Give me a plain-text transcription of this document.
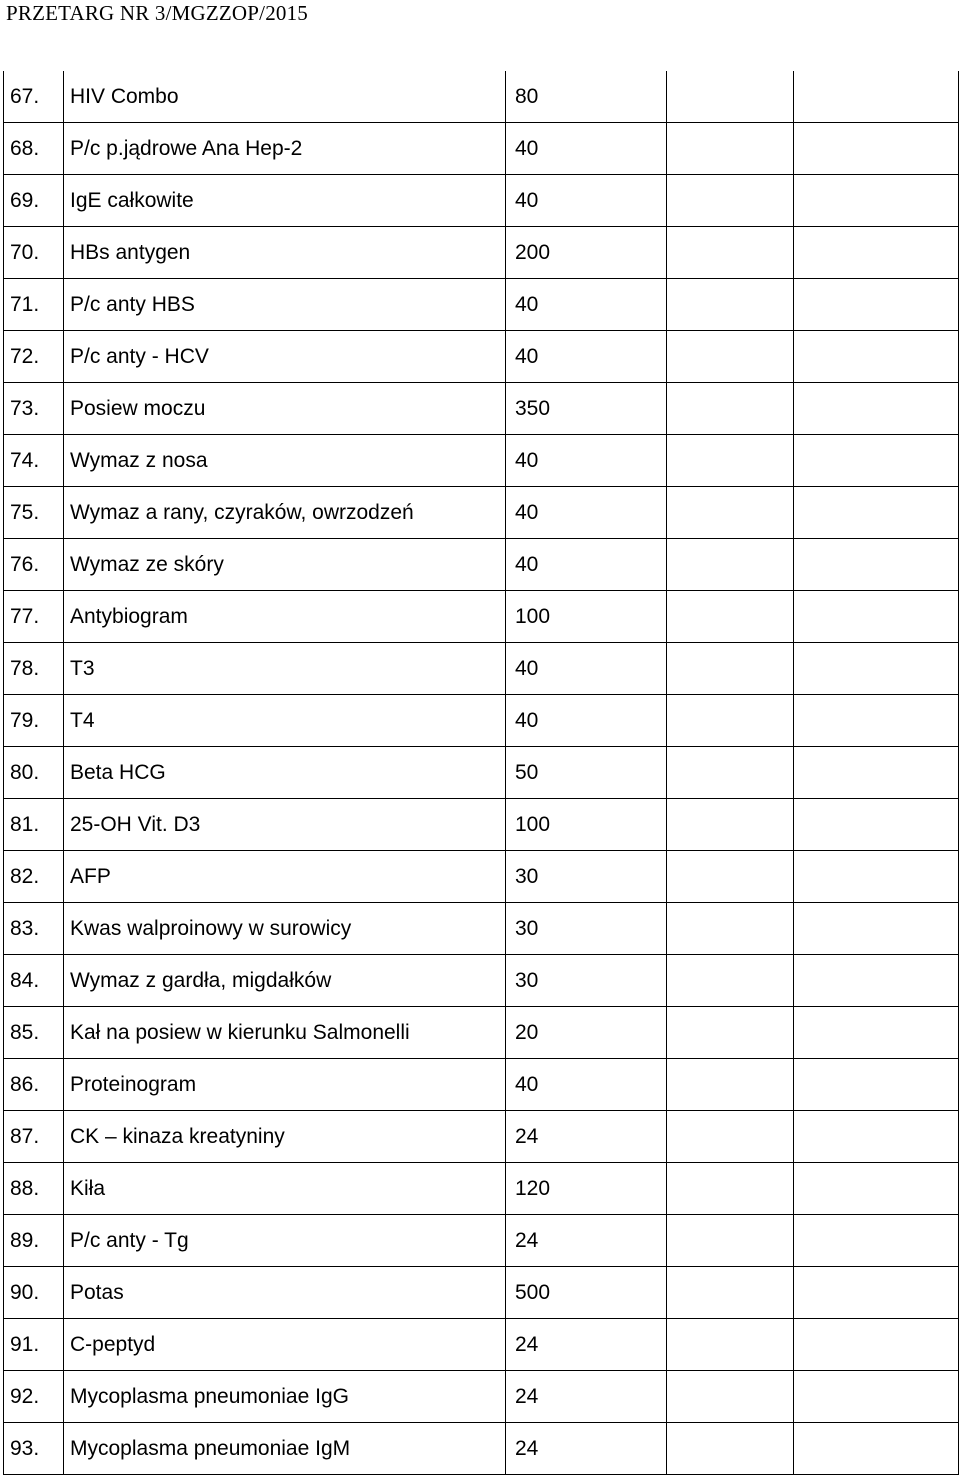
PRZETARG NR 3/MGZZOP/2015
67.	HIV Combo	80		
68.	P/c p.jądrowe Ana Hep-2	40		
69.	IgE całkowite	40		
70.	HBs antygen	200		
71.	P/c anty HBS	40		
72.	P/c anty - HCV	40		
73.	Posiew moczu	350		
74.	Wymaz z nosa	40		
75.	Wymaz a rany, czyraków, owrzodzeń	40		
76.	Wymaz ze skóry	40		
77.	Antybiogram	100		
78.	T3	40		
79.	T4	40		
80.	Beta HCG	50		
81.	25-OH Vit. D3	100		
82.	AFP	30		
83.	Kwas walproinowy w surowicy	30		
84.	Wymaz z gardła, migdałków	30		
85.	Kał na posiew w kierunku Salmonelli	20		
86.	Proteinogram	40		
87.	CK – kinaza kreatyniny	24		
88.	Kiła	120		
89.	P/c anty - Tg	24		
90.	Potas	500		
91.	C-peptyd	24		
92.	Mycoplasma pneumoniae IgG	24		
93.	Mycoplasma pneumoniae IgM	24		
